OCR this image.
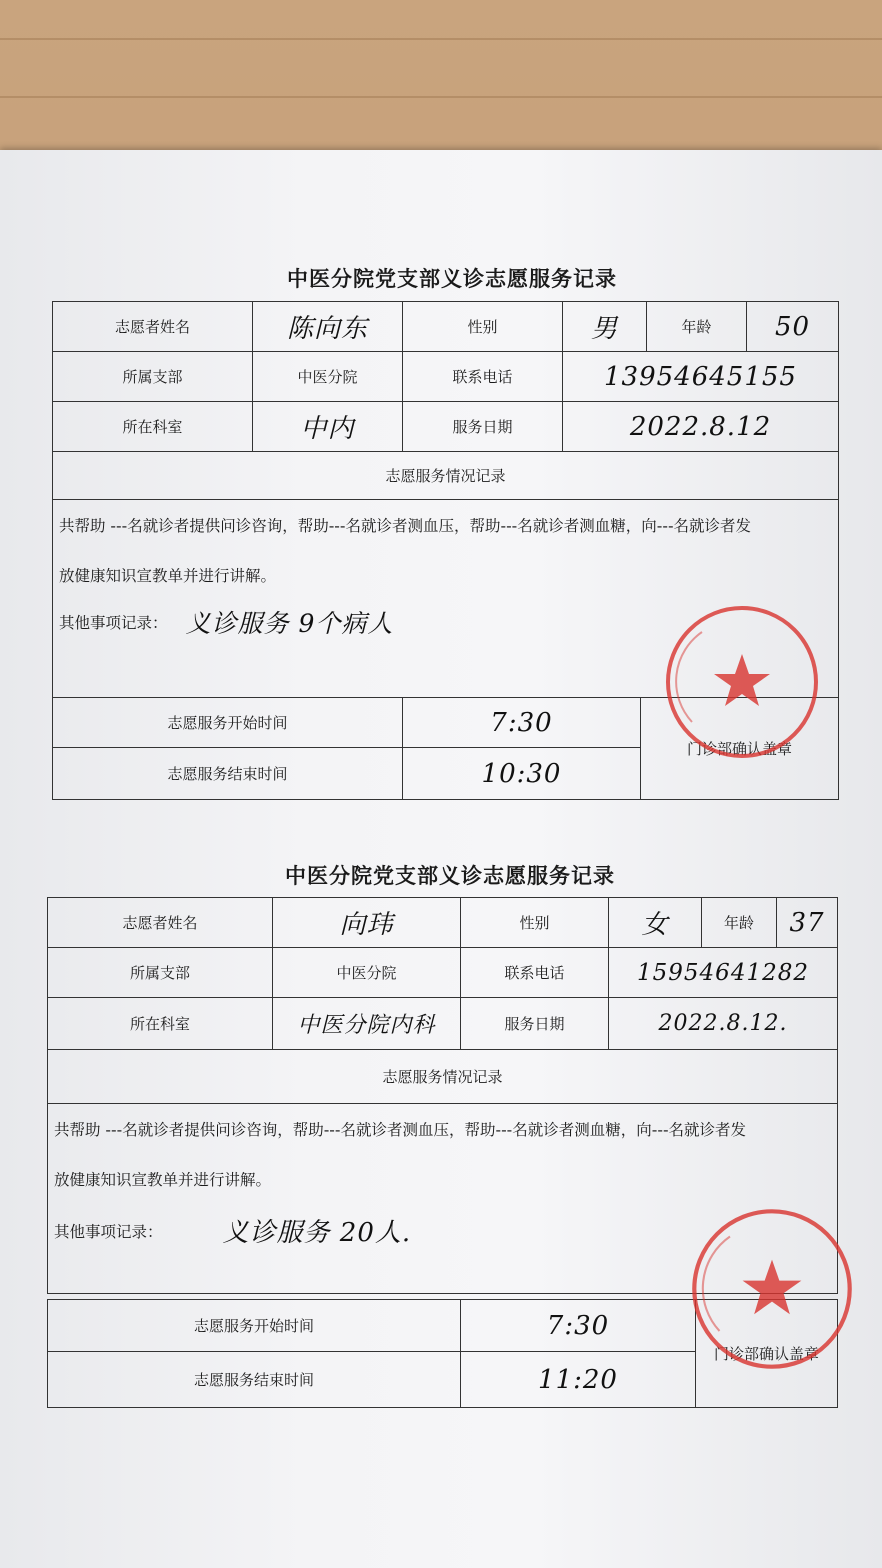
中医分院党支部义诊志愿服务记录
志愿者姓名	陈向东	性别	男	年龄	50
所属支部	中医分院	联系电话	13954645155		
所在科室	中内	服务日期	2022.8.12		
志愿服务情况记录					

共帮助 ---名就诊者提供问诊咨询，帮助---名就诊者测血压，帮助---名就诊者测血糖，向---名就诊者发
放健康知识宣教单并进行讲解。
其他事项记录： 义诊服务 9个病人					
志愿服务开始时间	7:30	门诊部确认盖章
志愿服务结束时间	10:30	
中医分院党支部义诊志愿服务记录
志愿者姓名	向玮	性别	女	年龄	37
所属支部	中医分院	联系电话	15954641282		
所在科室	中医分院内科	服务日期	2022.8.12.		
志愿服务情况记录					

共帮助 ---名就诊者提供问诊咨询，帮助---名就诊者测血压，帮助---名就诊者测血糖，向---名就诊者发
放健康知识宣教单并进行讲解。
其他事项记录： 义诊服务 20人.					
志愿服务开始时间	7:30	门诊部确认盖章
志愿服务结束时间	11:20	
